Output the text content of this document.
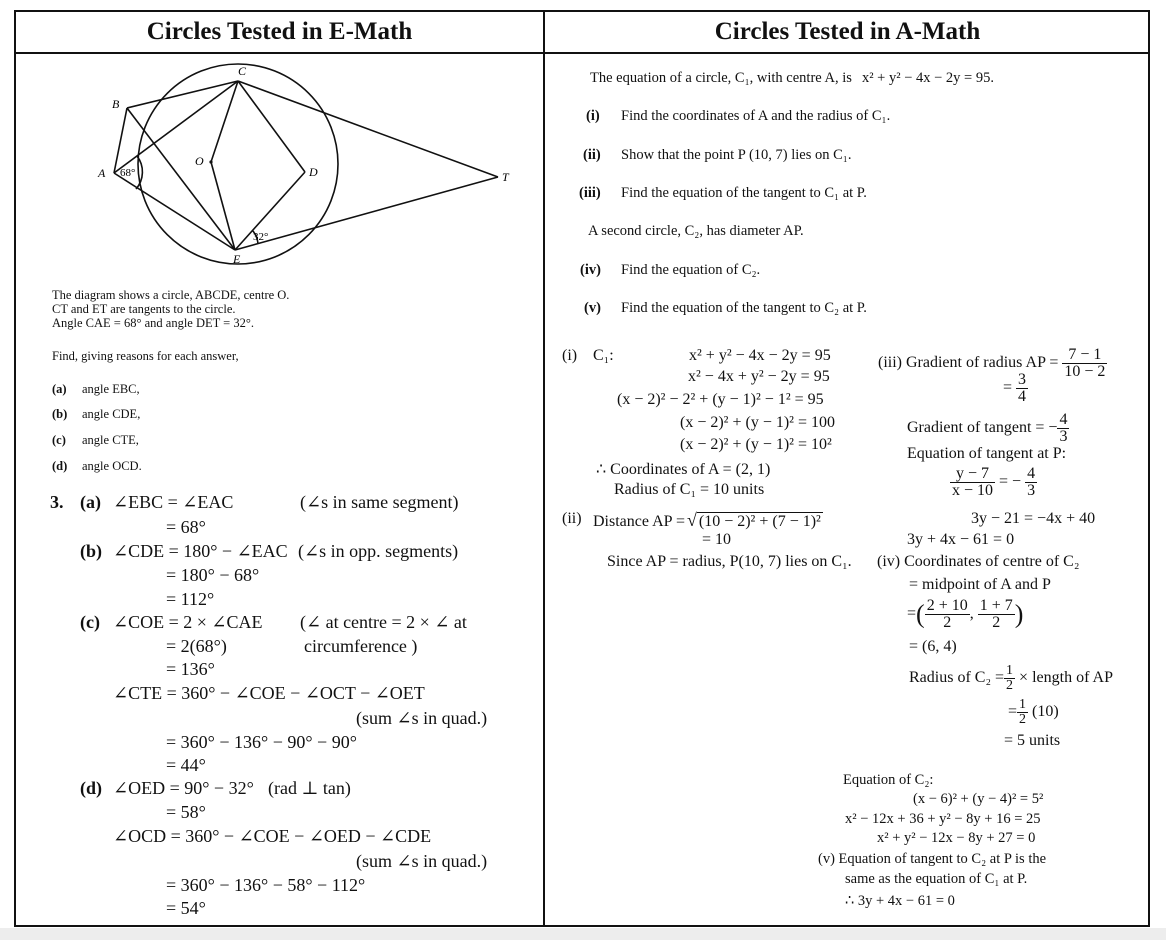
Circles Tested in E-Math	Circles Tested in A-Math
C
B
A
O
D
E
T
68°
32°
The diagram shows a circle, ABCDE, centre O.
CT and ET are tangents to the circle.
Angle CAE = 68° and angle DET = 32°.
Find, giving reasons for each answer,
(a) angle EBC,
(b) angle CDE,
(c) angle CTE,
(d) angle OCD.
3. (a) ∠EBC = ∠EAC	(∠s in same segment)
= 68°
(b) ∠CDE = 180° − ∠EAC (∠s in opp. segments)
= 180° − 68°
= 112°
(c) ∠COE = 2 × ∠CAE (∠ at centre = 2 × ∠ at
= 2(68°)	circumference )
= 136°
∠CTE = 360° − ∠COE − ∠OCT − ∠OET
(sum ∠s in quad.)
= 360° − 136° − 90° − 90°
= 44°
(d) ∠OED = 90° − 32° (rad ⊥ tan)
= 58°
∠OCD = 360° − ∠COE − ∠OED − ∠CDE
(sum ∠s in quad.)
= 360° − 136° − 58° − 112°
= 54°
The equation of a circle, C₁, with centre A, is x² + y² − 4x − 2y = 95.
(i) Find the coordinates of A and the radius of C₁.
(ii) Show that the point P (10, 7) lies on C₁.
(iii) Find the equation of the tangent to C₁ at P.
A second circle, C₂, has diameter AP.
(iv) Find the equation of C₂.
(v) Find the equation of the tangent to C₂ at P.
(i) C₁:	x² + y² − 4x − 2y = 95
x² − 4x + y² − 2y = 95
(x − 2)² − 2² + (y − 1)² − 1² = 95
(x − 2)² + (y − 1)² = 100
(x − 2)² + (y − 1)² = 10²
∴ Coordinates of A = (2, 1)
Radius of C₁ = 10 units
(ii) Distance AP = √ (10 − 2)² + (7 − 1)²
= 10
Since AP = radius, P(10, 7) lies on C₁.
(iii) Gradient of radius AP = $\frac{7 - 1}{10 - 2}$
= $\frac{3}{4}$
Gradient of tangent = − $\frac{4}{3}$
Equation of tangent at P:
$\frac{y - 7}{x - 10}$ = − $\frac{4}{3}$
3y − 21 = −4x + 40
3y + 4x − 61 = 0
(iv) Coordinates of centre of C₂
= midpoint of A and P
=( $\frac{2 + 10}{2}$ , $\frac{1 + 7}{2}$ )
= (6, 4)
Radius of $C_2 = \frac{1}{2}$ × length of AP
= $\frac{1}{2} (10)$
= 5 units
Equation of C₂:
(x − 6)² + (y − 4)² = 5²
x² − 12x + 36 + y² − 8y + 16 = 25
x² + y² − 12x − 8y + 27 = 0
(v) Equation of tangent to C₂ at P is the
same as the equation of C₁ at P.
∴ 3y + 4x − 61 = 0
